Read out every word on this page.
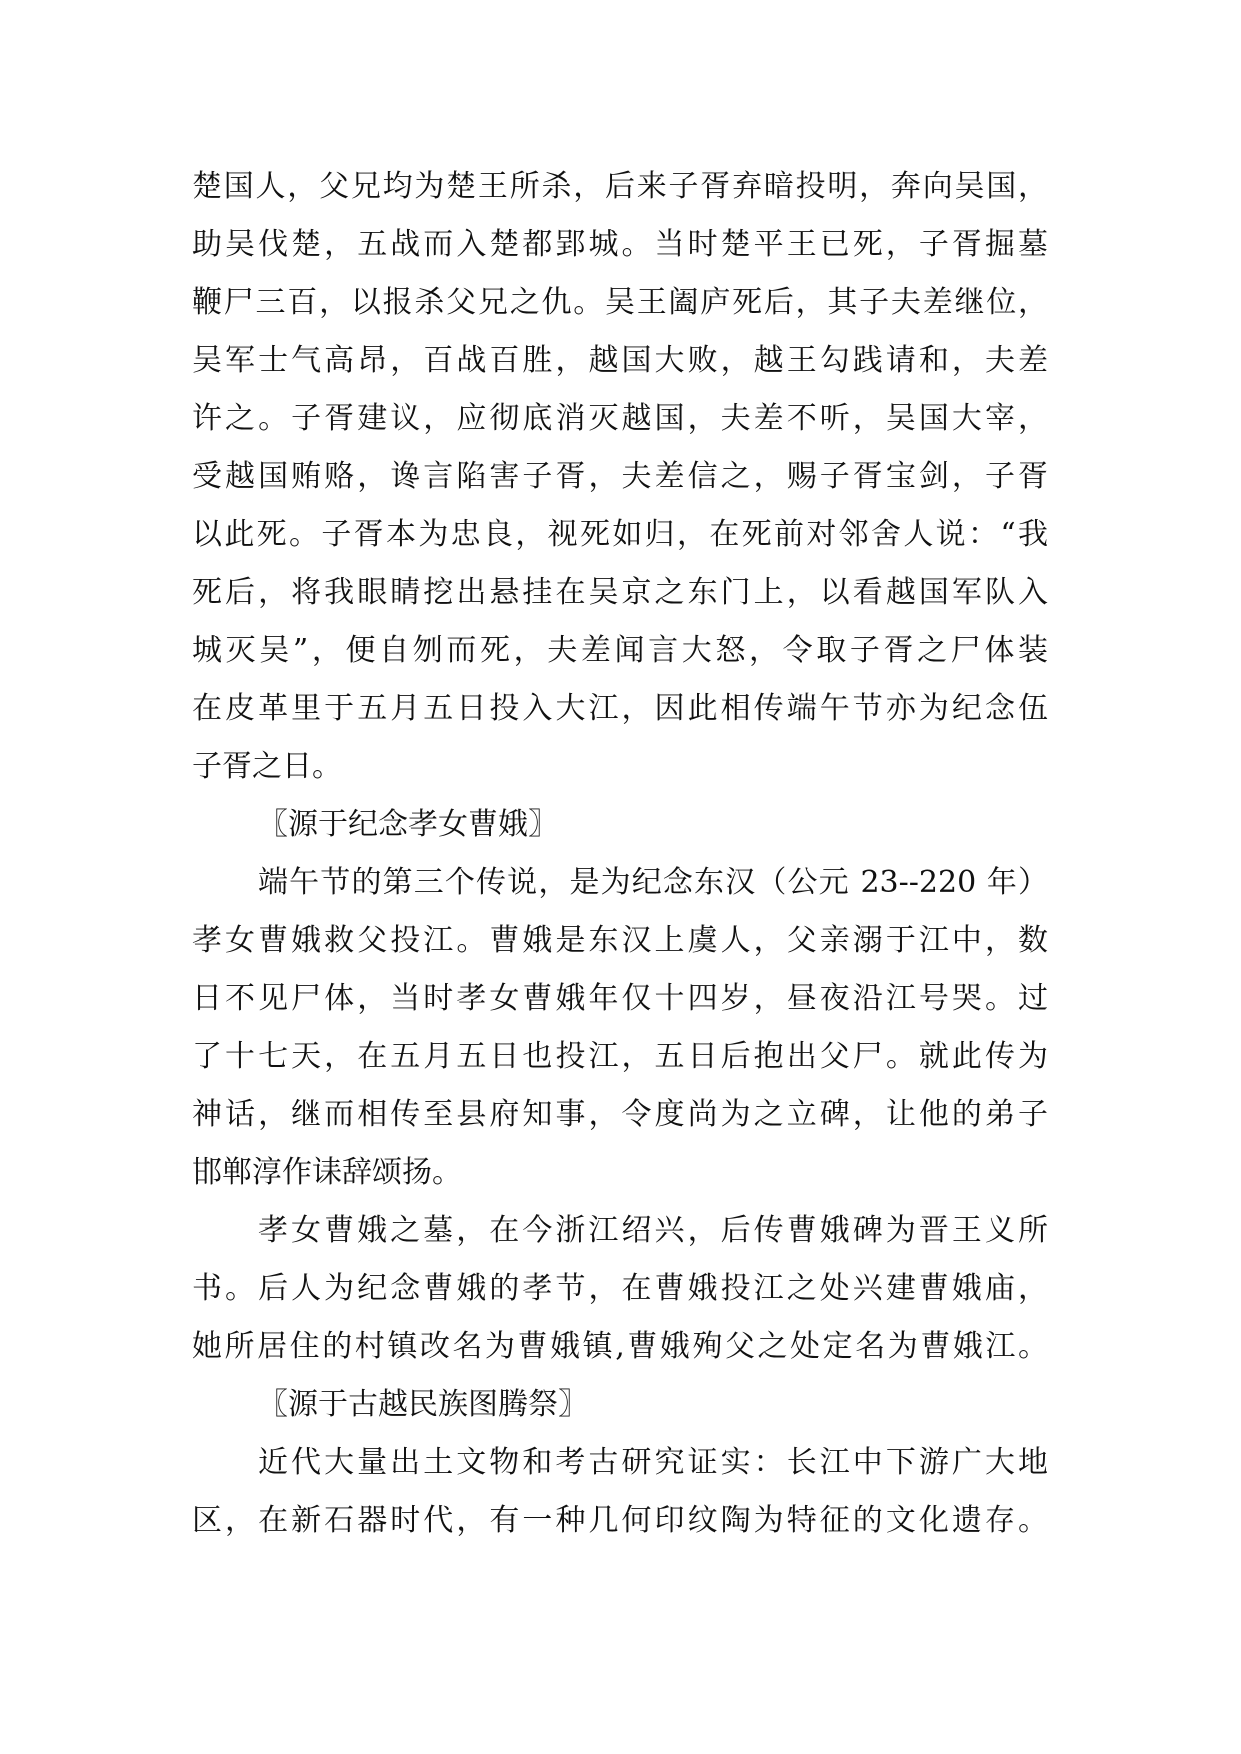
楚国人，父兄均为楚王所杀，后来子胥弃暗投明，奔向吴国，
助吴伐楚，五战而入楚都郢城。当时楚平王已死，子胥掘墓
鞭尸三百，以报杀父兄之仇。吴王阖庐死后，其子夫差继位，
吴军士气高昂，百战百胜，越国大败，越王勾践请和，夫差
许之。子胥建议，应彻底消灭越国，夫差不听，吴国大宰，
受越国贿赂，谗言陷害子胥，夫差信之，赐子胥宝剑，子胥
以此死。子胥本为忠良，视死如归，在死前对邻舍人说：“我
死后，将我眼睛挖出悬挂在吴京之东门上，以看越国军队入
城灭吴”，便自刎而死，夫差闻言大怒，令取子胥之尸体装
在皮革里于五月五日投入大江，因此相传端午节亦为纪念伍
子胥之日。
〖源于纪念孝女曹娥〗
端午节的第三个传说，是为纪念东汉（公元 23--220 年）
孝女曹娥救父投江。曹娥是东汉上虞人，父亲溺于江中，数
日不见尸体，当时孝女曹娥年仅十四岁，昼夜沿江号哭。过
了十七天，在五月五日也投江，五日后抱出父尸。就此传为
神话，继而相传至县府知事，令度尚为之立碑，让他的弟子
邯郸淳作诔辞颂扬。
孝女曹娥之墓，在今浙江绍兴，后传曹娥碑为晋王义所
书。后人为纪念曹娥的孝节，在曹娥投江之处兴建曹娥庙，
她所居住的村镇改名为曹娥镇,曹娥殉父之处定名为曹娥江。
〖源于古越民族图腾祭〗
近代大量出土文物和考古研究证实：长江中下游广大地
区，在新石器时代，有一种几何印纹陶为特征的文化遗存。
